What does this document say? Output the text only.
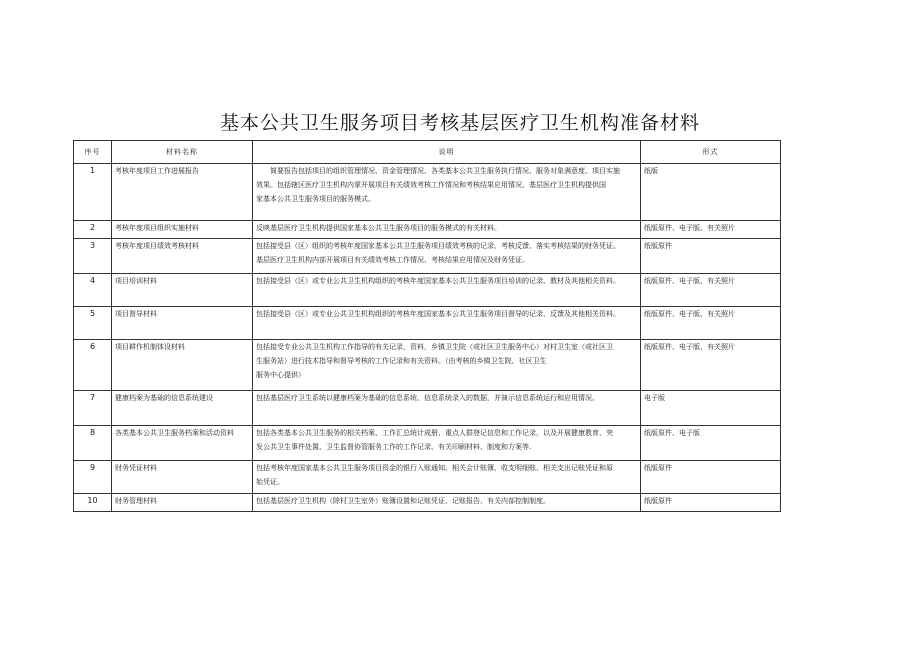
基本公共卫生服务项目考核基层医疗卫生机构准备材料
序号	材料名称	说明	形式
1	考核年度项目工作进展报告	简要报告包括项目的组织管理情况、资金管理情况、各类基本公共卫生服务执行情况、服务对象满意度、项目实施
效果。包括辖区医疗卫生机构内掌开展项目有关绩效考核工作情况和考核结果应用情况、基层医疗卫生机构提供国
家基本公共卫生服务项目的服务模式。	纸版
2	考核年度项目组织实施材料	反映基层医疗卫生机构提供国家基本公共卫生服务项目的服务模式的有关材料。	纸版原件、电子版、有关照片
3	考核年度项目绩效考核材料	包括接受县（区）组织的考核年度国家基本公共卫生服务项目绩效考核的记录、考核反馈、落实考核结果的财务凭证。
基层医疗卫生机构内部开展项目有关绩效考核工作情况、考核结果应用情况及财务凭证。	纸版原件
4	项目培训材料	包括接受县（区）或专业公共卫生机构组织的考核年度国家基本公共卫生服务项目培训的记录、教材及其他相关资料。	纸版原件、电子版、有关照片
5	项目督导材料	包括接受县（区）或专业公共卫生机构组织的考核年度国家基本公共卫生服务项目督导的记录、反馈及其他相关资料。	纸版原件、电子版、有关照片
6	项目耕作机制体设材料	包括接受专业公共卫生机构工作指导的有关记录、资料，乡镇卫生院（或社区卫生服务中心）对村卫生室（或社区卫
生服务站）进行技术指导和督导考核的工作记录和有关资料。（由考核的乡镇卫生院、社区卫生
服务中心提供）	纸版原件、电子版、有关照片
7	健康档案为基础的信息系统建设	包括基层医疗卫生系统以健康档案为基础的信息系统、信息系统录入的数据，并演示信息系统运行和应用情况。	电子版
8	各类基本公共卫生服务档案和活动资料	包括各类基本公共卫生服务的相关档案、工作汇总统计成册、重点人群登记信息和工作记录，以及开展健康教育、突
发公共卫生事件处置、卫生监督协管服务工作的工作记录、有关印刷材料、制度和方案等.	纸版原件、电子版
9	财务凭证材料	包括考核年度国家基本公共卫生服务项目资金的银行入账通知、相关会计账簿、收支明细账、相关支出记账凭证和原
始凭证。	纸版原件
10	财务管理材料	包括基层医疗卫生机构（除村卫生室外）账簿设置和记账凭证、记账报告、有关内部控制制度。	纸版原件
